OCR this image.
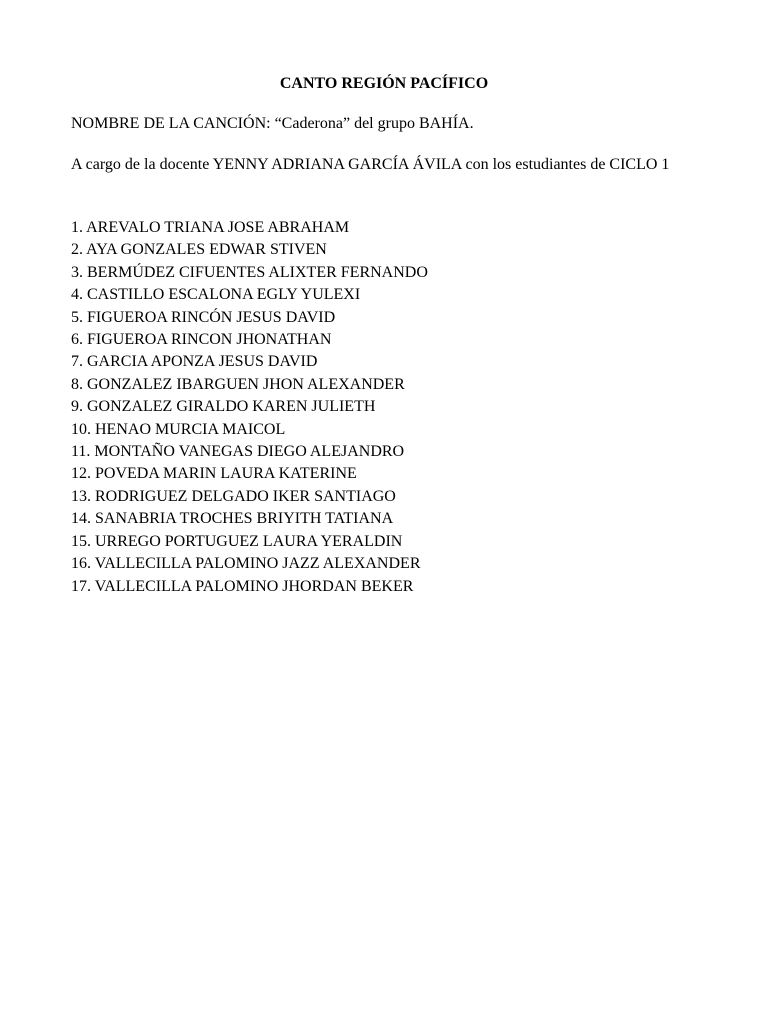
CANTO REGIÓN PACÍFICO

NOMBRE DE LA CANCIÓN: “Caderona” del grupo BAHÍA.

A cargo de la docente YENNY ADRIANA GARCÍA ÁVILA con los estudiantes de CICLO 1

1. AREVALO TRIANA JOSE ABRAHAM
2. AYA GONZALES EDWAR STIVEN
3. BERMÚDEZ CIFUENTES ALIXTER FERNANDO
4. CASTILLO ESCALONA EGLY YULEXI
5. FIGUEROA RINCÓN JESUS DAVID
6. FIGUEROA RINCON JHONATHAN
7. GARCIA APONZA JESUS DAVID
8. GONZALEZ IBARGUEN JHON ALEXANDER
9. GONZALEZ GIRALDO KAREN JULIETH
10. HENAO MURCIA MAICOL
11. MONTAÑO VANEGAS DIEGO ALEJANDRO
12. POVEDA MARIN LAURA KATERINE
13. RODRIGUEZ DELGADO IKER SANTIAGO
14. SANABRIA TROCHES BRIYITH TATIANA
15. URREGO PORTUGUEZ LAURA YERALDIN
16. VALLECILLA PALOMINO JAZZ ALEXANDER
17. VALLECILLA PALOMINO JHORDAN BEKER
